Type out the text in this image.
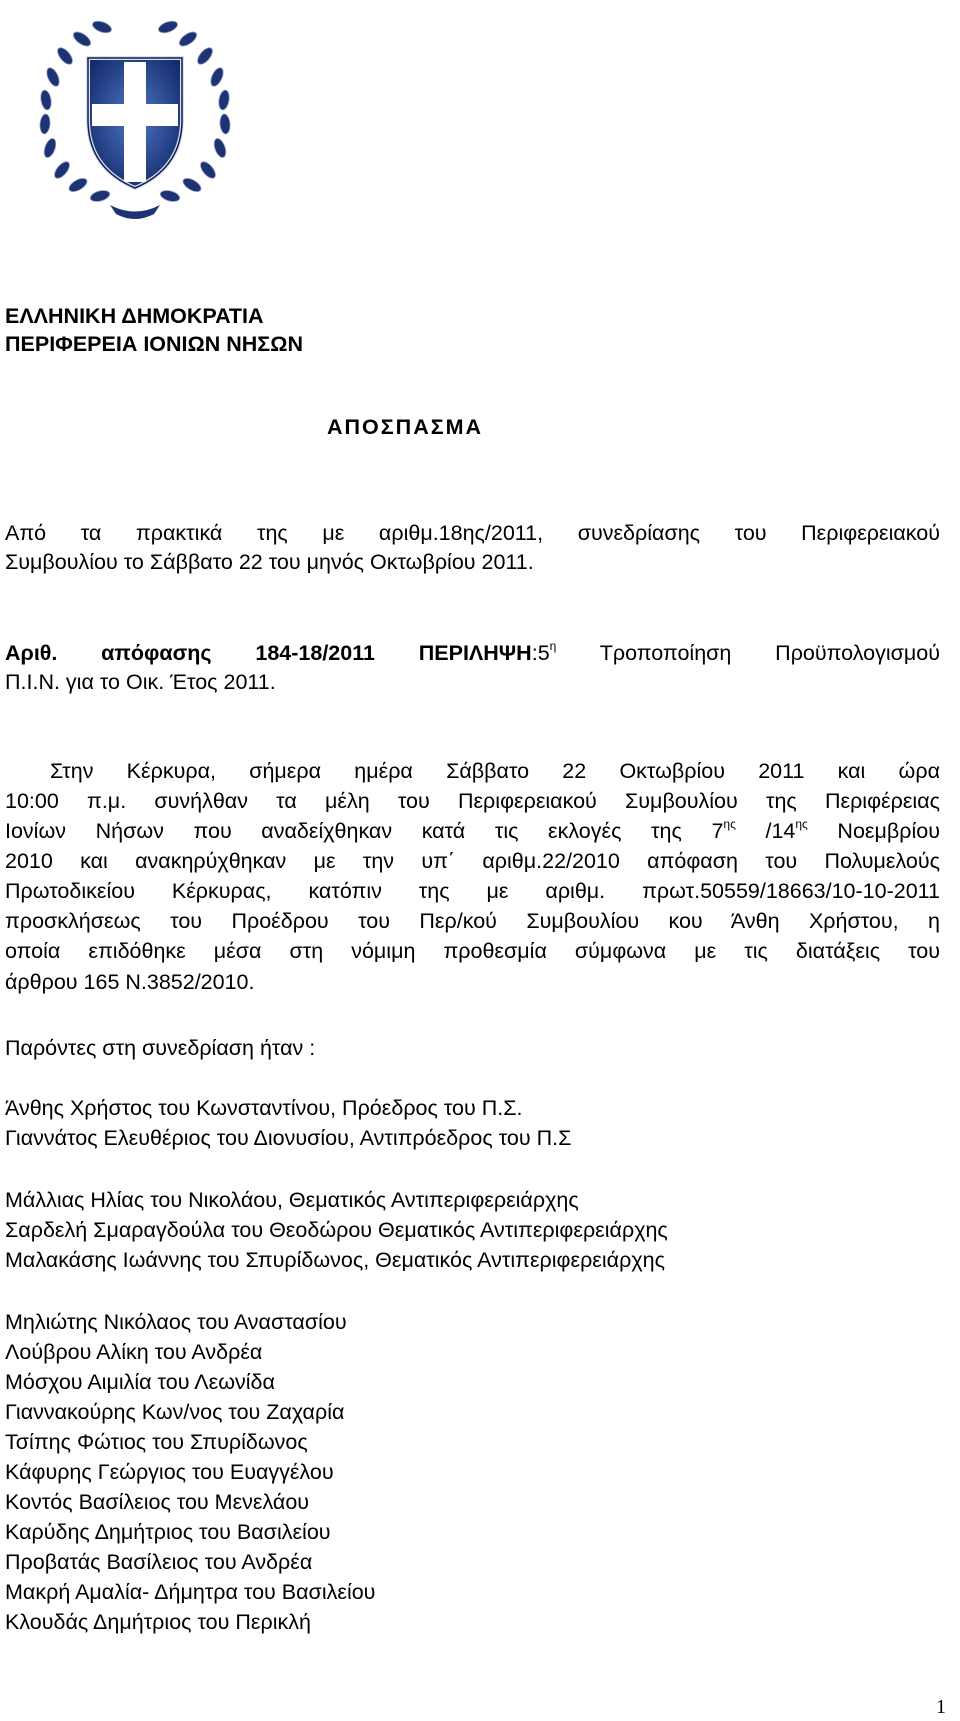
ΕΛΛΗΝΙΚΗ ΔΗΜΟΚΡΑΤΙΑ
ΠΕΡΙΦΕΡΕΙΑ ΙΟΝΙΩΝ ΝΗΣΩΝ
ΑΠΟΣΠΑΣΜΑ
Από τα πρακτικά της με αριθμ.18ης/2011, συνεδρίασης του Περιφερειακού
Συμβουλίου το Σάββατο 22 του μηνός Οκτωβρίου 2011.
Αριθ. απόφασης 184-18/2011 $\Pi EPI\Lambda H\Psi H:5^\eta$ Τροποποίηση Προϋπολογισμού
Π.Ι.Ν. για το Οικ. Έτος 2011.
Στην Κέρκυρα, σήμερα ημέρα Σάββατο 22 Οκτωβρίου 2011 και ώρα
10:00 π.μ. συνήλθαν τα μέλη του Περιφερειακού Συμβουλίου της Περιφέρειας
Ιονίων Νήσων που αναδείχθηκαν κατά τις εκλογές της $7^{\eta\varsigma}$ $/14^{\eta\varsigma}$ Νοεμβρίου
2010 και ανακηρύχθηκαν με την υπ΄ αριθμ.22/2010 απόφαση του Πολυμελούς
Πρωτοδικείου Κέρκυρας, κατόπιν της με αριθμ. πρωτ.50559/18663/10-10-2011
προσκλήσεως του Προέδρου του Περ/κού Συμβουλίου κου Άνθη Χρήστου, η
οποία επιδόθηκε μέσα στη νόμιμη προθεσμία σύμφωνα με τις διατάξεις του
άρθρου 165 Ν.3852/2010.
Παρόντες στη συνεδρίαση ήταν :
Άνθης Χρήστος του Κωνσταντίνου, Πρόεδρος του Π.Σ.
Γιαννάτος Ελευθέριος του Διονυσίου, Αντιπρόεδρος του Π.Σ
Μάλλιας Ηλίας του Νικολάου, Θεματικός Αντιπεριφερειάρχης
Σαρδελή Σμαραγδούλα του Θεοδώρου Θεματικός Αντιπεριφερειάρχης
Μαλακάσης Ιωάννης του Σπυρίδωνος, Θεματικός Αντιπεριφερειάρχης
Μηλιώτης Νικόλαος του Αναστασίου
Λούβρου Αλίκη του Ανδρέα
Μόσχου Αιμιλία του Λεωνίδα
Γιαννακούρης Κων/νος του Ζαχαρία
Τσίπης Φώτιος του Σπυρίδωνος
Κάφυρης Γεώργιος του Ευαγγέλου
Κοντός Βασίλειος του Μενελάου
Καρύδης Δημήτριος του Βασιλείου
Προβατάς Βασίλειος του Ανδρέα
Μακρή Αμαλία- Δήμητρα του Βασιλείου
Κλουδάς Δημήτριος του Περικλή
1
